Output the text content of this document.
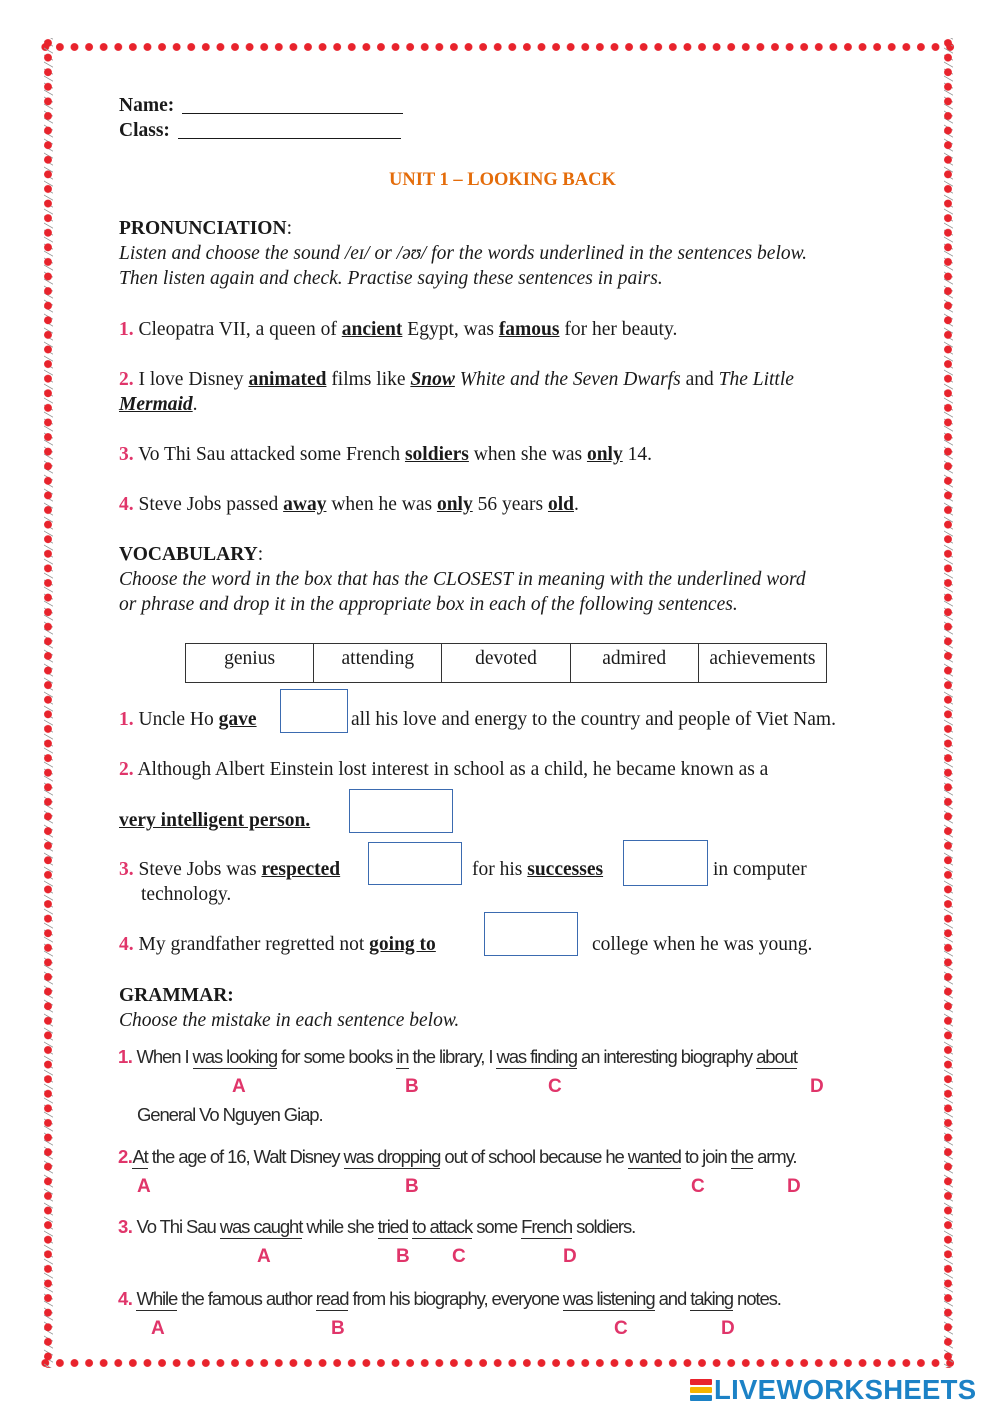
Name:
Class:
UNIT 1 – LOOKING BACK
PRONUNCIATION:
Listen and choose the sound /eɪ/ or /əʊ/ for the words underlined in the sentences below.
Then listen again and check. Practise saying these sentences in pairs.
1. Cleopatra VII, a queen of ancient Egypt, was famous for her beauty.
2. I love Disney animated films like Snow White and the Seven Dwarfs and The Little
Mermaid.
3. Vo Thi Sau attacked some French soldiers when she was only 14.
4. Steve Jobs passed away when he was only 56 years old.
VOCABULARY:
Choose the word in the box that has the CLOSEST in meaning with the underlined word
or phrase and drop it in the appropriate box in each of the following sentences.
genius	attending	devoted	admired	achievements
1. Uncle Ho gave	all his love and energy to the country and people of Viet Nam.
2. Although Albert Einstein lost interest in school as a child, he became known as a
very intelligent person.
3. Steve Jobs was respected	for his successes	in computer
technology.
4. My grandfather regretted not going to	college when he was young.
GRAMMAR:
Choose the mistake in each sentence below.
1. When I was looking for some books in the library, I was finding an interesting biography about
A	B	C	D
General Vo Nguyen Giap.
2.At the age of 16, Walt Disney was dropping out of school because he wanted to join the army.
A	B	C	D
3. Vo Thi Sau was caught while she tried to attack some French soldiers.
A	B C	D
4. While the famous author read from his biography, everyone was listening and taking notes.
A	B	C	D
LIVEWORKSHEETS
